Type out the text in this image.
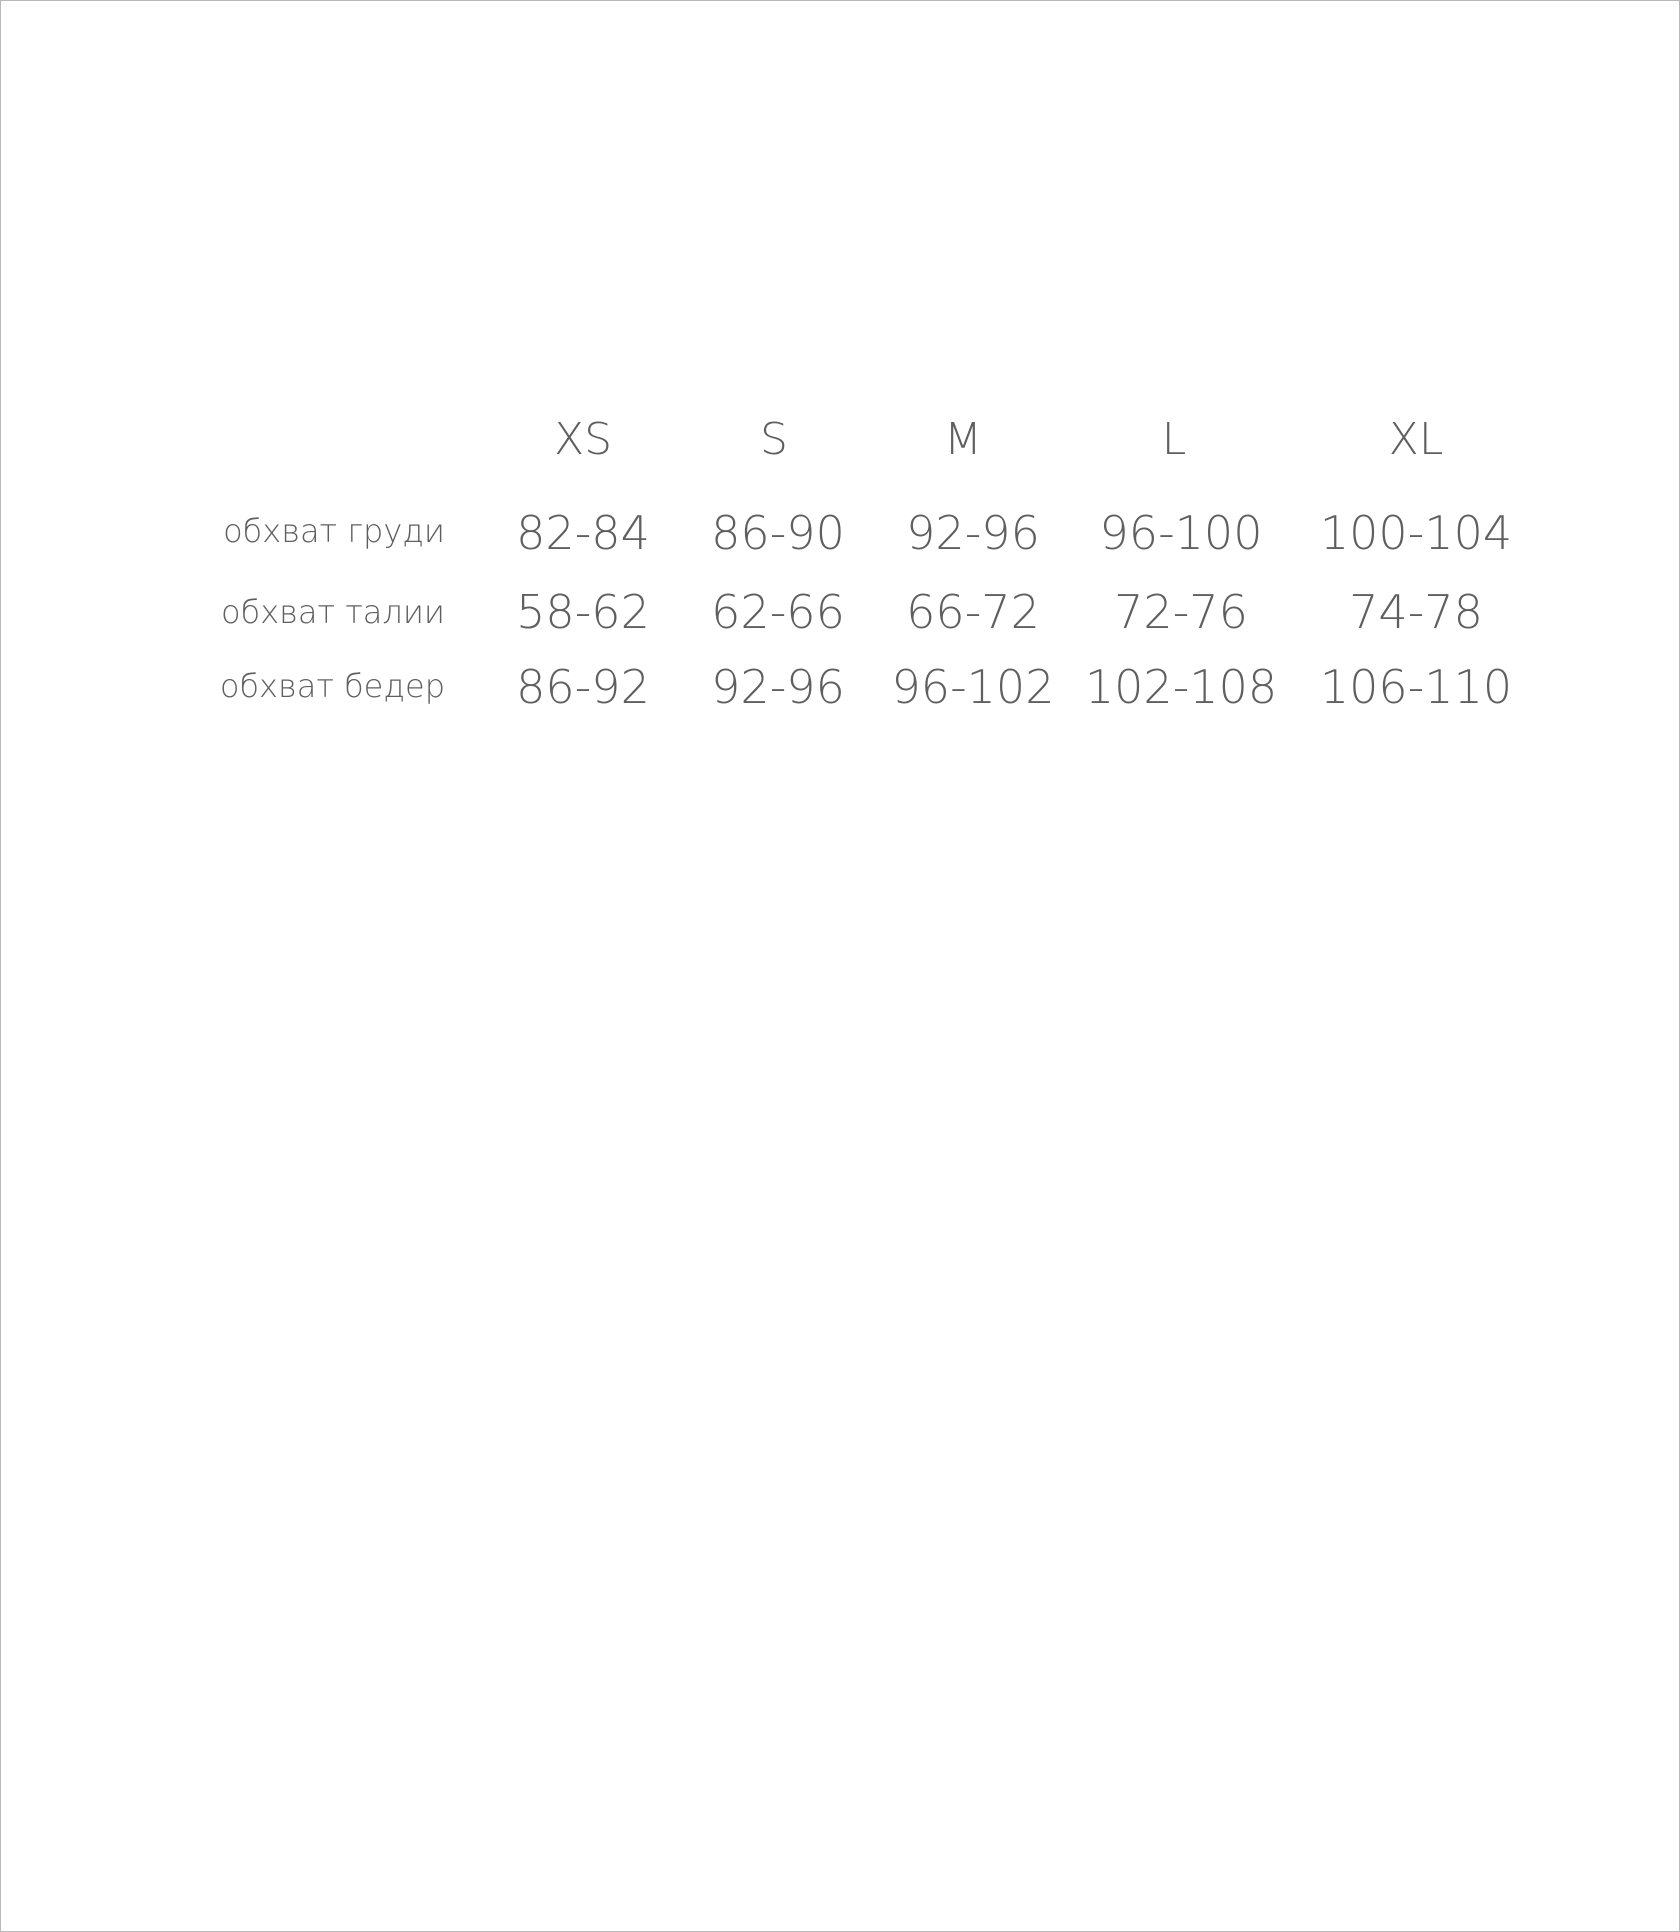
XS	S	M	L	XL
обхват груди 82-84 86-90 92-96 96-100 100-104
обхват талии 58-62 62-66 66-72 72-76 74-78
обхват бедер 86-92 92-96 96-102 102-108 106-110
